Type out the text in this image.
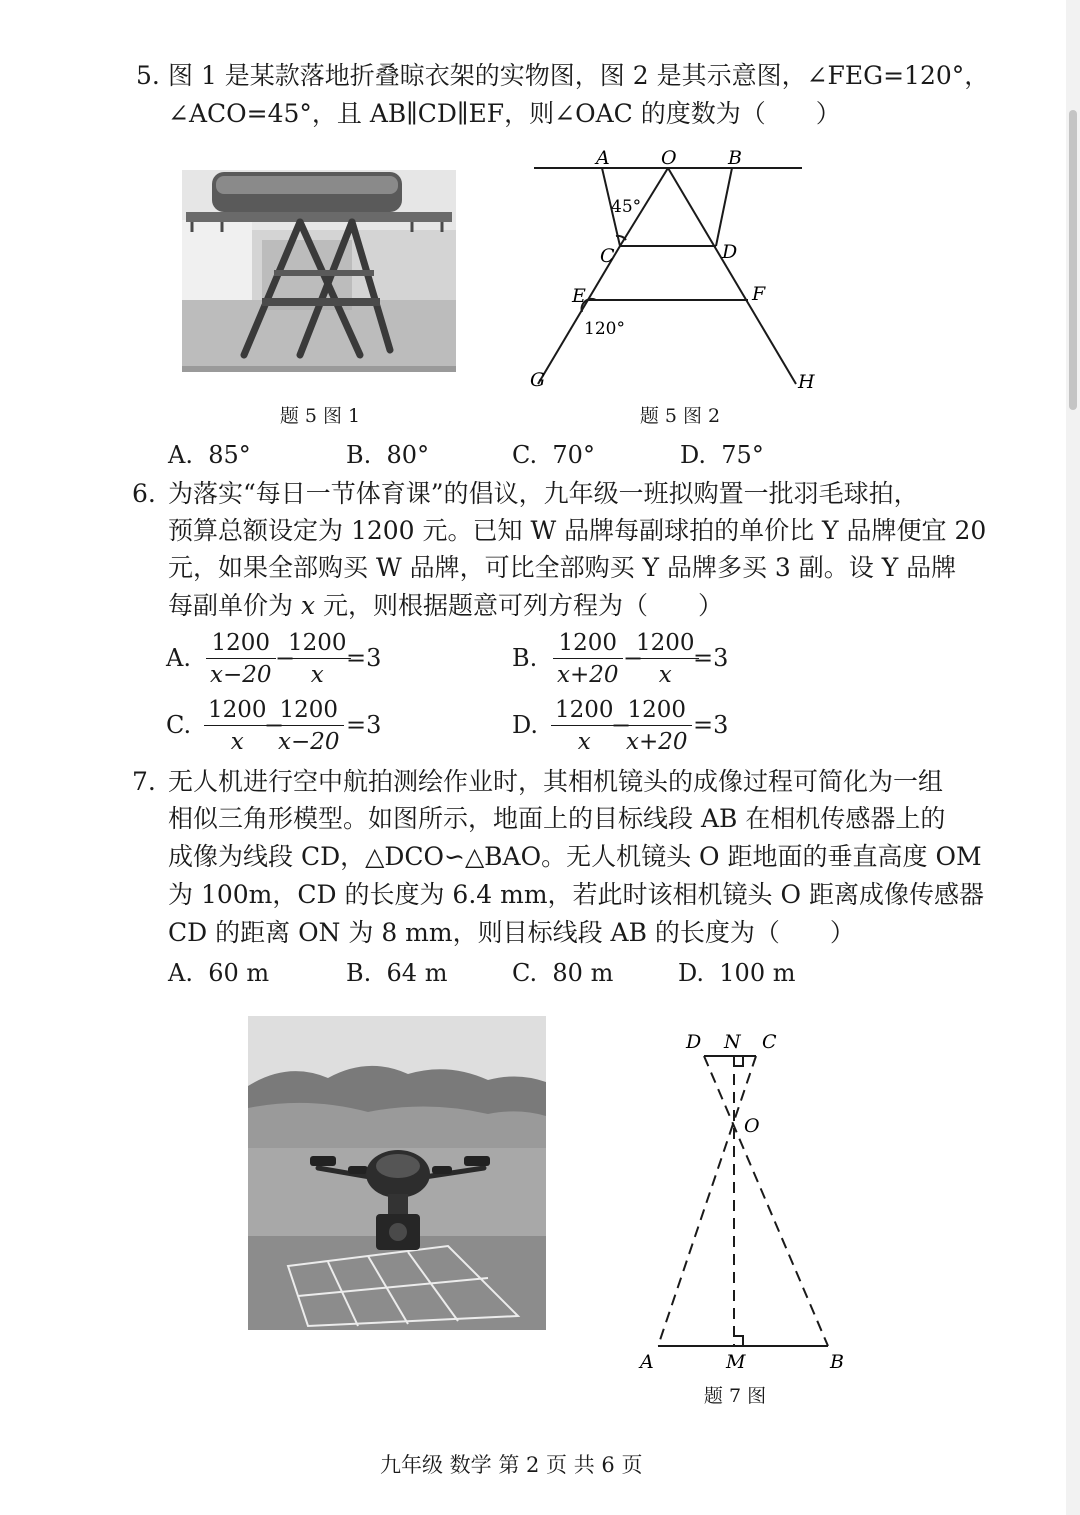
5. 图 1 是某款落地折叠晾衣架的实物图，图 2 是其示意图，∠FEG=120°，
∠ACO=45°，且 AB∥CD∥EF，则∠OAC 的度数为（　　）
题 5 图 1
A	O	B
45°
C	D
E	F
120°
G	H
题 5 图 2
A. 85°	B. 80°	C. 70°	D. 75°
6. 为落实“每日一节体育课”的倡议，九年级一班拟购置一批羽毛球拍，
预算总额设定为 1200 元。已知 W 品牌每副球拍的单价比 Y 品牌便宜 20
元，如果全部购买 W 品牌，可比全部购买 Y 品牌多买 3 副。设 Y 品牌
每副单价为 x 元，则根据题意可列方程为（　　）
A. $\frac{1200}{x-20}$ −
$\frac{1200}{x}$
=3	B. $\frac{1200}{x+20}$ −
$\frac{1200}{x}$
=3
C. $\frac{1200}{x}$
−
$\frac{1200}{x-20} =3$	D. $\frac{1200}{x}$
−
$\frac{1200}{x+20} =3$
7. 无人机进行空中航拍测绘作业时，其相机镜头的成像过程可简化为一组
相似三角形模型。如图所示，地面上的目标线段 AB 在相机传感器上的
成像为线段 CD，△DCO∽△BAO。无人机镜头 O 距地面的垂直高度 OM
为 100m，CD 的长度为 6.4 mm，若此时该相机镜头 O 距离成像传感器
CD 的距离 ON 为 8 mm，则目标线段 AB 的长度为（　　）
A. 60 m	B. 64 m	C. 80 m	D. 100 m
D N C
O
A	M	B
题 7 图
九年级 数学 第 2 页 共 6 页
